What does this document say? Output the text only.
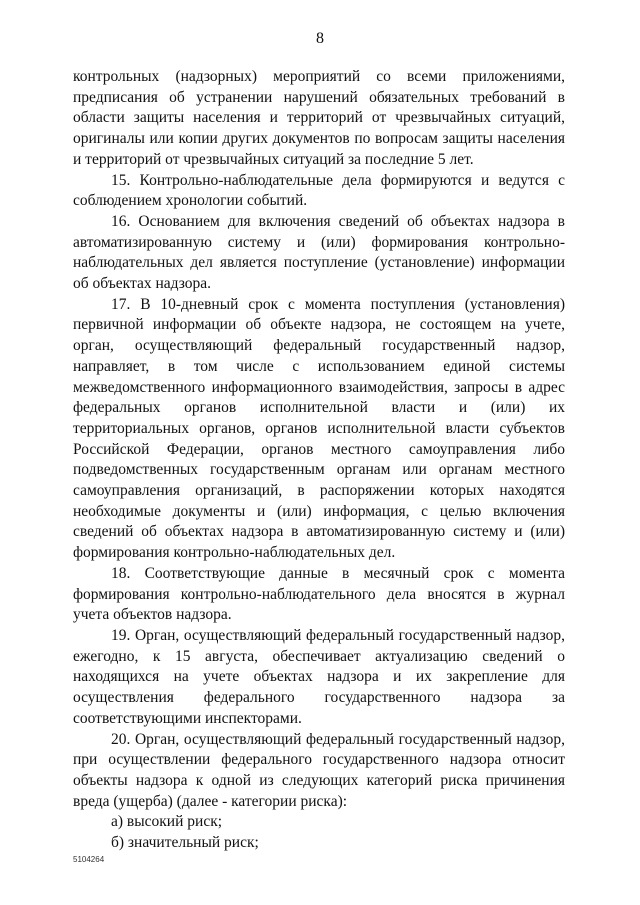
8

контрольных (надзорных) мероприятий со всеми приложениями, предписания об устранении нарушений обязательных требований в области защиты населения и территорий от чрезвычайных ситуаций, оригиналы или копии других документов по вопросам защиты населения и территорий от чрезвычайных ситуаций за последние 5 лет.

15. Контрольно-наблюдательные дела формируются и ведутся с соблюдением хронологии событий.

16. Основанием для включения сведений об объектах надзора в автоматизированную систему и (или) формирования контрольно-наблюдательных дел является поступление (установление) информации об объектах надзора.

17. В 10-дневный срок с момента поступления (установления) первичной информации об объекте надзора, не состоящем на учете, орган, осуществляющий федеральный государственный надзор, направляет, в том числе с использованием единой системы межведомственного информационного взаимодействия, запросы в адрес федеральных органов исполнительной власти и (или) их территориальных органов, органов исполнительной власти субъектов Российской Федерации, органов местного самоуправления либо подведомственных государственным органам или органам местного самоуправления организаций, в распоряжении которых находятся необходимые документы и (или) информация, с целью включения сведений об объектах надзора в автоматизированную систему и (или) формирования контрольно-наблюдательных дел.

18. Соответствующие данные в месячный срок с момента формирования контрольно-наблюдательного дела вносятся в журнал учета объектов надзора.

19. Орган, осуществляющий федеральный государственный надзор, ежегодно, к 15 августа, обеспечивает актуализацию сведений о находящихся на учете объектах надзора и их закрепление для осуществления федерального государственного надзора за соответствующими инспекторами.

20. Орган, осуществляющий федеральный государственный надзор, при осуществлении федерального государственного надзора относит объекты надзора к одной из следующих категорий риска причинения вреда (ущерба) (далее - категории риска):

а) высокий риск;

б) значительный риск;

5104264
